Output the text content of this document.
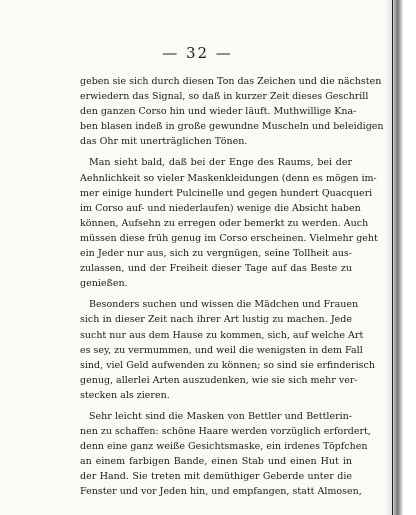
— 32 —
geben sie sich durch diesen Ton das Zeichen und die nächsten
erwiedern das Signal, so daß in kurzer Zeit dieses Geschrill
den ganzen Corso hin und wieder läuft. Muthwillige Kna-
ben blasen indeß in große gewundne Muscheln und beleidigen
das Ohr mit unerträglichen Tönen.
Man sieht bald, daß bei der Enge des Raums, bei der
Aehnlichkeit so vieler Maskenkleidungen (denn es mögen im-
mer einige hundert Pulcinelle und gegen hundert Quacqueri
im Corso auf- und niederlaufen) wenige die Absicht haben
können, Aufsehn zu erregen oder bemerkt zu werden. Auch
müssen diese früh genug im Corso erscheinen. Vielmehr geht
ein Jeder nur aus, sich zu vergnügen, seine Tollheit aus-
zulassen, und der Freiheit dieser Tage auf das Beste zu
genießen.
Besonders suchen und wissen die Mädchen und Frauen
sich in dieser Zeit nach ihrer Art lustig zu machen. Jede
sucht nur aus dem Hause zu kommen, sich, auf welche Art
es sey, zu vermummen, und weil die wenigsten in dem Fall
sind, viel Geld aufwenden zu können; so sind sie erfinderisch
genug, allerlei Arten auszudenken, wie sie sich mehr ver-
stecken als zieren.
Sehr leicht sind die Masken von Bettler und Bettlerin-
nen zu schaffen: schöne Haare werden vorzüglich erfordert,
denn eine ganz weiße Gesichtsmaske, ein irdenes Töpfchen
an einem farbigen Bande, einen Stab und einen Hut in
der Hand. Sie treten mit demüthiger Geberde unter die
Fenster und vor Jeden hin, und empfangen, statt Almosen,
